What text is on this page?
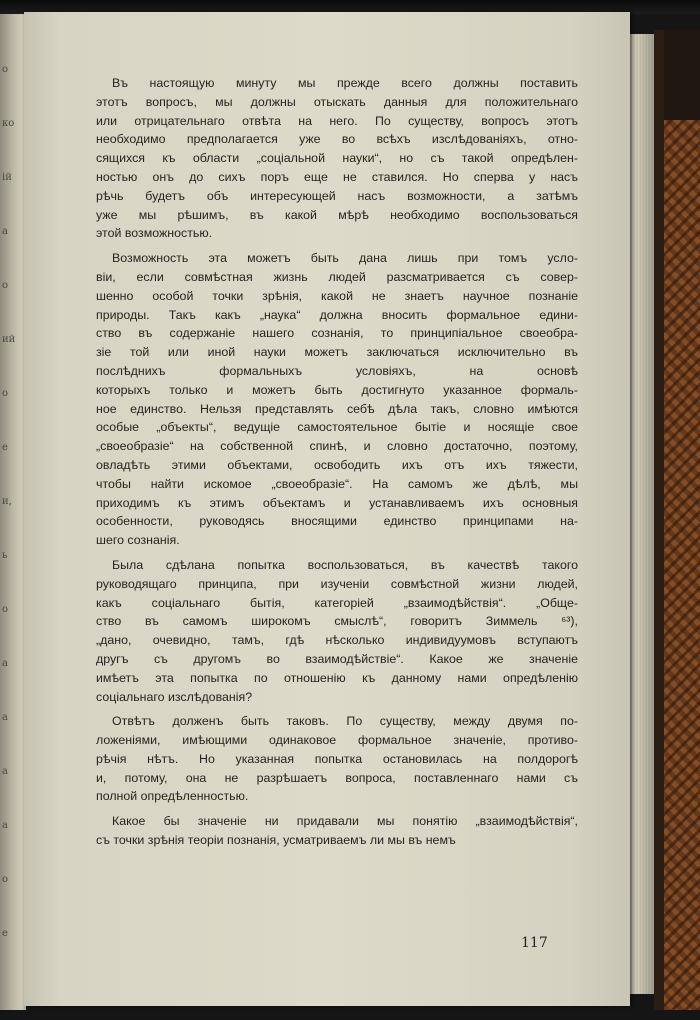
о
ко
ій
а
о
ий
о
е
и,
ь
о
а
а
а
а
о
е
Въ настоящую минуту мы прежде всего должны поставить
этотъ вопросъ, мы должны отыскать данныя для положительнаго
или отрицательнаго отвѣта на него. По существу, вопросъ этотъ
необходимо предполагается уже во всѣхъ изслѣдованіяхъ, отно-
сящихся къ области „соціальной науки“, но съ такой опредѣлен-
ностью онъ до сихъ поръ еще не ставился. Но сперва у насъ
рѣчь будетъ объ интересующей насъ возможности, а затѣмъ
уже мы рѣшимъ, въ какой мѣрѣ необходимо воспользоваться
этой возможностью.
Возможность эта можетъ быть дана лишь при томъ усло-
віи, если совмѣстная жизнь людей разсматривается съ совер-
шенно особой точки зрѣнія, какой не знаетъ научное познаніе
природы. Такъ какъ „наука“ должна вносить формальное едини-
ство въ содержаніе нашего сознанія, то принципіальное своеобра-
зіе той или иной науки можетъ заключаться исключительно въ
послѣднихъ формальныхъ условіяхъ, на основѣ
которыхъ только и можетъ быть достигнуто указанное формаль-
ное единство. Нельзя представлять себѣ дѣла такъ, словно имѣются
особые „объекты“, ведущіе самостоятельное бытіе и носящіе свое
„своеобразіе“ на собственной спинѣ, и словно достаточно, поэтому,
овладѣть этими объектами, освободить ихъ отъ ихъ тяжести,
чтобы найти искомое „своеобразіе“. На самомъ же дѣлѣ, мы
приходимъ къ этимъ объектамъ и устанавливаемъ ихъ основныя
особенности, руководясь вносящими единство принципами на-
шего сознанія.
Была сдѣлана попытка воспользоваться, въ качествѣ такого
руководящаго принципа, при изученіи совмѣстной жизни людей,
какъ соціальнаго бытія, категоріей „взаимодѣйствія“. „Обще-
ство въ самомъ широкомъ смыслѣ“, говоритъ Зиммель ⁶³),
„дано, очевидно, тамъ, гдѣ нѣсколько индивидуумовъ вступаютъ
другъ съ другомъ во взаимодѣйствіе“. Какое же значеніе
имѣетъ эта попытка по отношенію къ данному нами опредѣленію
соціальнаго изслѣдованія?
Отвѣтъ долженъ быть таковъ. По существу, между двумя по-
ложеніями, имѣющими одинаковое формальное значеніе, противо-
рѣчія нѣтъ. Но указанная попытка остановилась на полдорогѣ
и, потому, она не разрѣшаетъ вопроса, поставленнаго нами съ
полной опредѣленностью.
Какое бы значеніе ни придавали мы понятію „взаимодѣйствія“,
съ точки зрѣнія теоріи познанія, усматриваемъ ли мы въ немъ
117
